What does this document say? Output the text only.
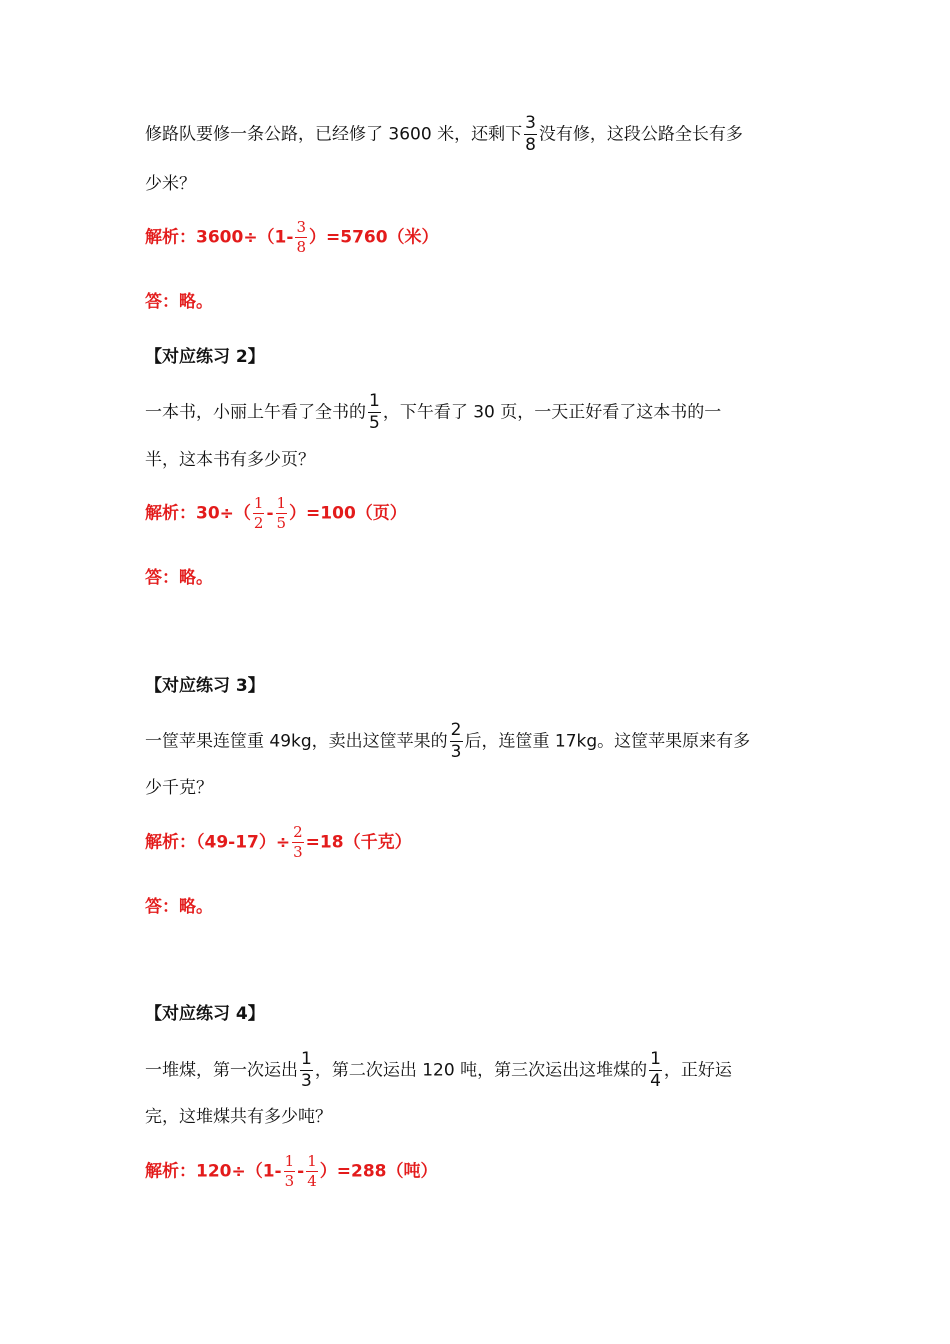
修路队要修一条公路，已经修了 3600 米，还剩下 $\frac{3}{8}$ 没有修，这段公路全长有多
少米？
解析：$3600\div(1- \frac{3}{8} )=5760$（米）
答：略。
【对应练习 2】
一本书，小丽上午看了全书的 $\frac{1}{5}$ ，下午看了 30 页，一天正好看了这本书的一
半，这本书有多少页？
解析：$30\div( \frac{1}{2} - \frac{1}{5} )=100$（页）
答：略。
【对应练习 3】
一筐苹果连筐重 49kg，卖出这筐苹果的 $\frac{2}{3}$ 后，连筐重 17kg。这筐苹果原来有多
少千克？
解析：$(49-17)\div \frac{2}{3} =18$（千克）
答：略。
【对应练习 4】
一堆煤，第一次运出 $\frac{1}{3}$ ，第二次运出 120 吨，第三次运出这堆煤的 $\frac{1}{4}$ ，正好运
完，这堆煤共有多少吨？
解析：$120\div(1- \frac{1}{3} - \frac{1}{4} )=288$（吨）
